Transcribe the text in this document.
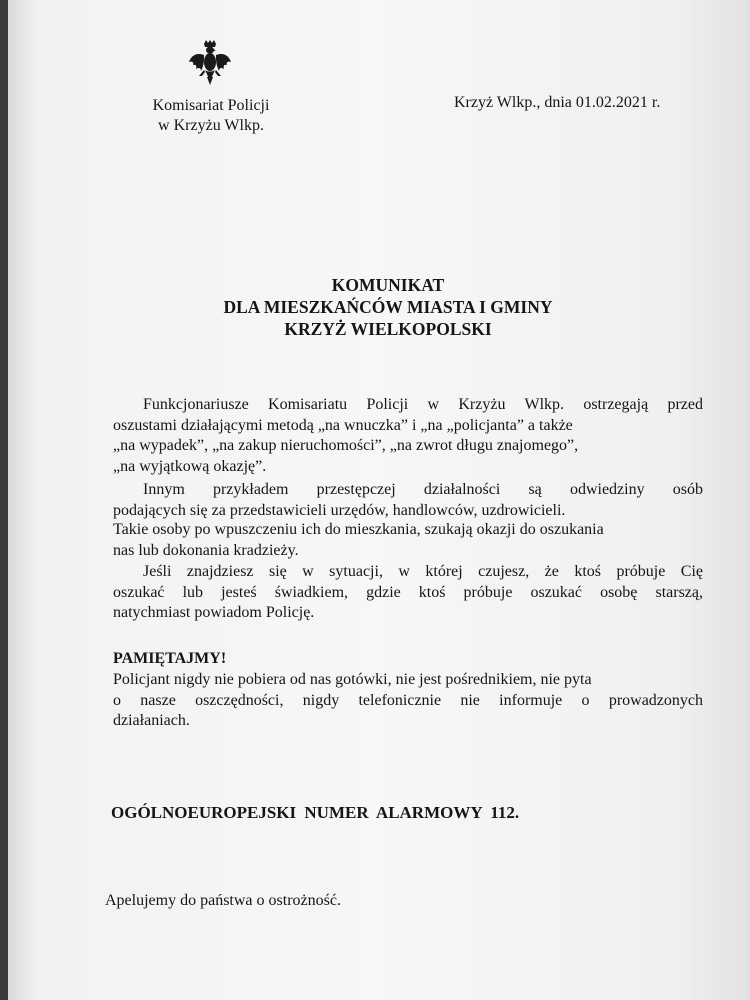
Komisariat Policji
w Krzyżu Wlkp.
Krzyż Wlkp., dnia 01.02.2021 r.
KOMUNIKAT
DLA MIESZKAŃCÓW MIASTA I GMINY
KRZYŻ WIELKOPOLSKI
Funkcjonariusze Komisariatu Policji w Krzyżu Wlkp. ostrzegają przed
oszustami działającymi metodą „na wnuczka” i „na „policjanta” a także
„na wypadek”, „na zakup nieruchomości”, „na zwrot długu znajomego”,
„na wyjątkową okazję”.
Innym przykładem przestępczej działalności są odwiedziny osób
podających się za przedstawicieli urzędów, handlowców, uzdrowicieli.
Takie osoby po wpuszczeniu ich do mieszkania, szukają okazji do oszukania
nas lub dokonania kradzieży.
Jeśli znajdziesz się w sytuacji, w której czujesz, że ktoś próbuje Cię
oszukać lub jesteś świadkiem, gdzie ktoś próbuje oszukać osobę starszą,
natychmiast powiadom Policję.
PAMIĘTAJMY!
Policjant nigdy nie pobiera od nas gotówki, nie jest pośrednikiem, nie pyta
o nasze oszczędności, nigdy telefonicznie nie informuje o prowadzonych
działaniach.
OGÓLNOEUROPEJSKI NUMER ALARMOWY 112.
Apelujemy do państwa o ostrożność.
